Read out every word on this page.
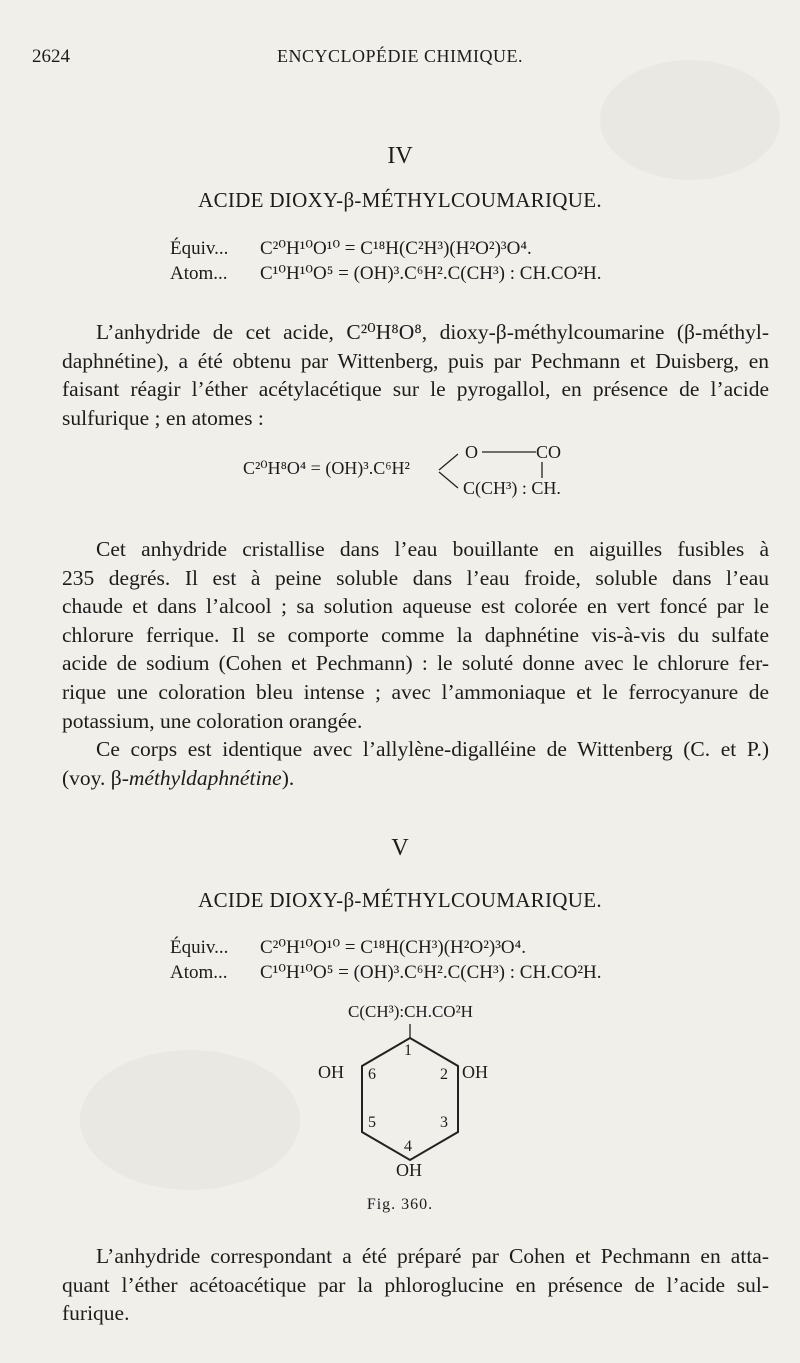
2624	ENCYCLOPÉDIE CHIMIQUE.
IV
ACIDE DIOXY-β-MÉTHYLCOUMARIQUE.
Équiv... C²⁰H¹⁰O¹⁰ = C¹⁸H(C²H³)(H²O²)³O⁴.
Atom... C¹⁰H¹⁰O⁵ = (OH)³.C⁶H².C(CH³) : CH.CO²H.
L’anhydride de cet acide, C²⁰H⁸O⁸, dioxy-β-méthylcoumarine (β-méthyl-
daphnétine), a été obtenu par Wittenberg, puis par Pechmann et Duisberg, en
faisant réagir l’éther acétylacétique sur le pyrogallol, en présence de l’acide
sulfurique ; en atomes :
C²⁰H⁸O⁴ = (OH)³.C⁶H²
O	CO
C(CH³) : CH.
Cet anhydride cristallise dans l’eau bouillante en aiguilles fusibles à
235 degrés. Il est à peine soluble dans l’eau froide, soluble dans l’eau
chaude et dans l’alcool ; sa solution aqueuse est colorée en vert foncé par le
chlorure ferrique. Il se comporte comme la daphnétine vis-à-vis du sulfate
acide de sodium (Cohen et Pechmann) : le soluté donne avec le chlorure fer-
rique une coloration bleu intense ; avec l’ammoniaque et le ferrocyanure de
potassium, une coloration orangée.
Ce corps est identique avec l’allylène-digalléine de Wittenberg (C. et P.)
(voy. β-méthyldaphnétine).
V
ACIDE DIOXY-β-MÉTHYLCOUMARIQUE.
Équiv... C²⁰H¹⁰O¹⁰ = C¹⁸H(CH³)(H²O²)³O⁴.
Atom... C¹⁰H¹⁰O⁵ = (OH)³.C⁶H².C(CH³) : CH.CO²H.
C(CH³):CH.CO²H
OH	OH
OH
1
2
3
4
5
6
Fig. 360.
L’anhydride correspondant a été préparé par Cohen et Pechmann en atta-
quant l’éther acétoacétique par la phloroglucine en présence de l’acide sul-
furique.
